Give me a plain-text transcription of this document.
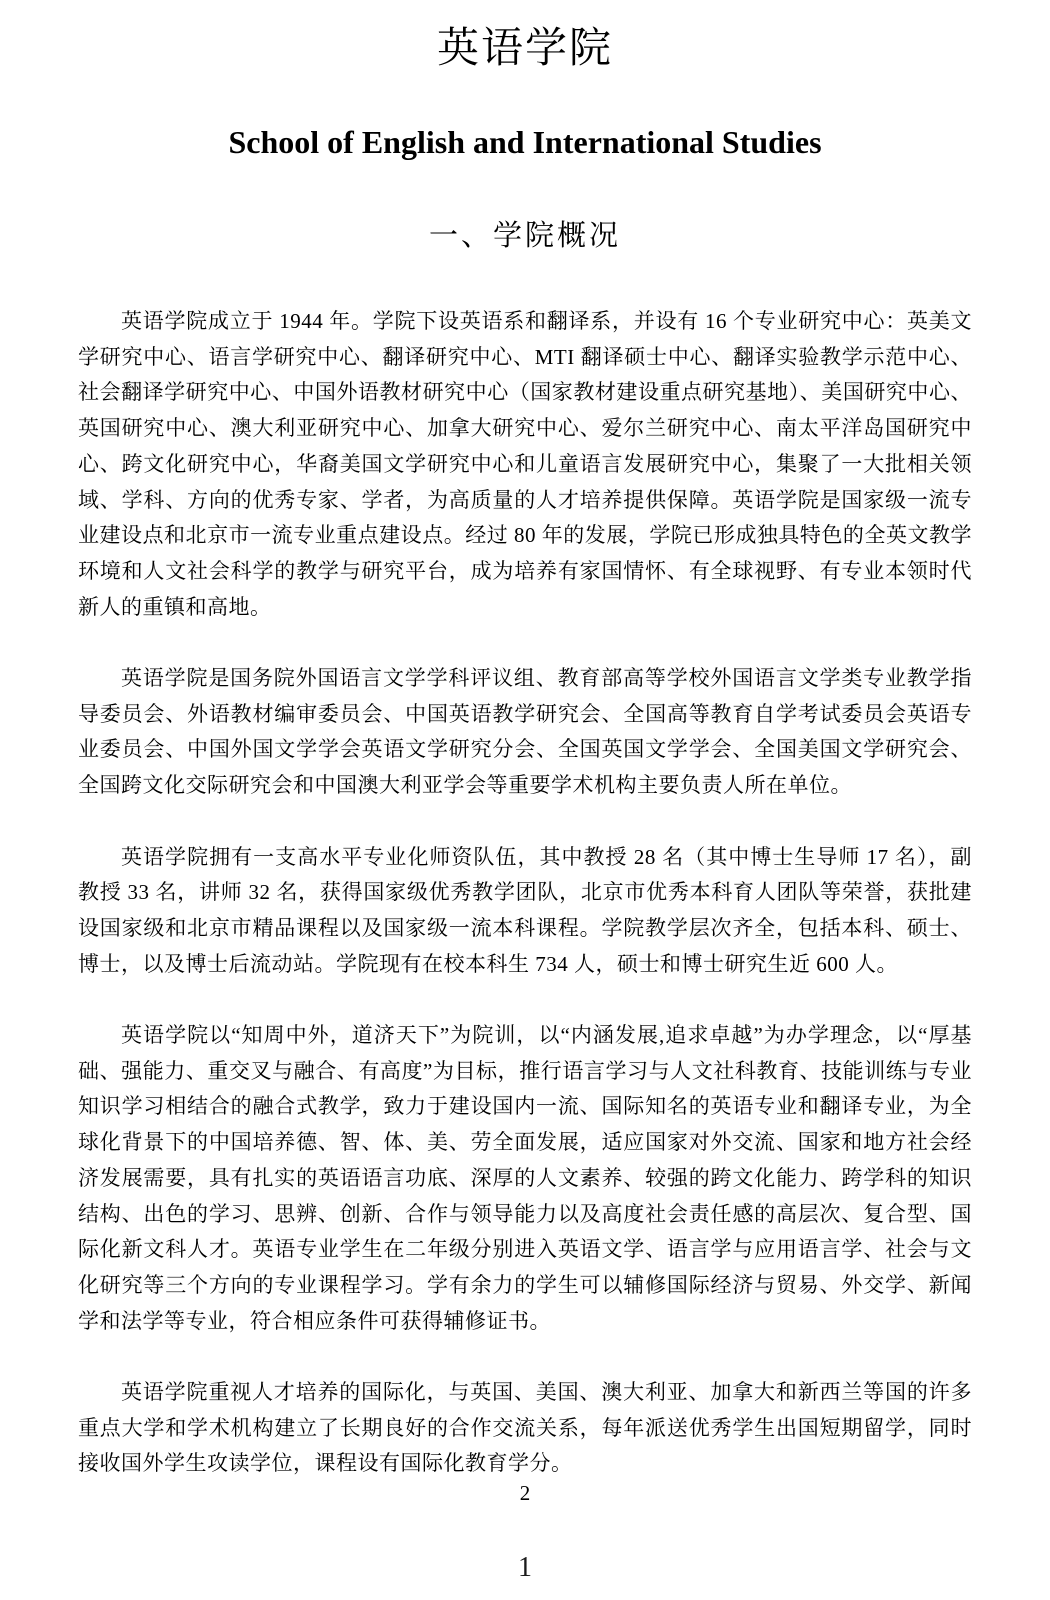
英语学院
School of English and International Studies
一、学院概况

英语学院成立于 1944 年。学院下设英语系和翻译系，并设有 16 个专业研究中心：英美文学研究中心、语言学研究中心、翻译研究中心、MTI 翻译硕士中心、翻译实验教学示范中心、社会翻译学研究中心、中国外语教材研究中心（国家教材建设重点研究基地）、美国研究中心、英国研究中心、澳大利亚研究中心、加拿大研究中心、爱尔兰研究中心、南太平洋岛国研究中心、跨文化研究中心，华裔美国文学研究中心和儿童语言发展研究中心，集聚了一大批相关领域、学科、方向的优秀专家、学者，为高质量的人才培养提供保障。英语学院是国家级一流专业建设点和北京市一流专业重点建设点。经过 80 年的发展，学院已形成独具特色的全英文教学环境和人文社会科学的教学与研究平台，成为培养有家国情怀、有全球视野、有专业本领时代新人的重镇和高地。

英语学院是国务院外国语言文学学科评议组、教育部高等学校外国语言文学类专业教学指导委员会、外语教材编审委员会、中国英语教学研究会、全国高等教育自学考试委员会英语专业委员会、中国外国文学学会英语文学研究分会、全国英国文学学会、全国美国文学研究会、全国跨文化交际研究会和中国澳大利亚学会等重要学术机构主要负责人所在单位。

英语学院拥有一支高水平专业化师资队伍，其中教授 28 名（其中博士生导师 17 名），副教授 33 名，讲师 32 名，获得国家级优秀教学团队，北京市优秀本科育人团队等荣誉，获批建设国家级和北京市精品课程以及国家级一流本科课程。学院教学层次齐全，包括本科、硕士、博士，以及博士后流动站。学院现有在校本科生 734 人，硕士和博士研究生近 600 人。

英语学院以“知周中外，道济天下”为院训，以“内涵发展,追求卓越”为办学理念，以“厚基础、强能力、重交叉与融合、有高度”为目标，推行语言学习与人文社科教育、技能训练与专业知识学习相结合的融合式教学，致力于建设国内一流、国际知名的英语专业和翻译专业，为全球化背景下的中国培养德、智、体、美、劳全面发展，适应国家对外交流、国家和地方社会经济发展需要，具有扎实的英语语言功底、深厚的人文素养、较强的跨文化能力、跨学科的知识结构、出色的学习、思辨、创新、合作与领导能力以及高度社会责任感的高层次、复合型、国际化新文科人才。英语专业学生在二年级分别进入英语文学、语言学与应用语言学、社会与文化研究等三个方向的专业课程学习。学有余力的学生可以辅修国际经济与贸易、外交学、新闻学和法学等专业，符合相应条件可获得辅修证书。

英语学院重视人才培养的国际化，与英国、美国、澳大利亚、加拿大和新西兰等国的许多重点大学和学术机构建立了长期良好的合作交流关系，每年派送优秀学生出国短期留学，同时接收国外学生攻读学位，课程设有国际化教育学分。

2
1
